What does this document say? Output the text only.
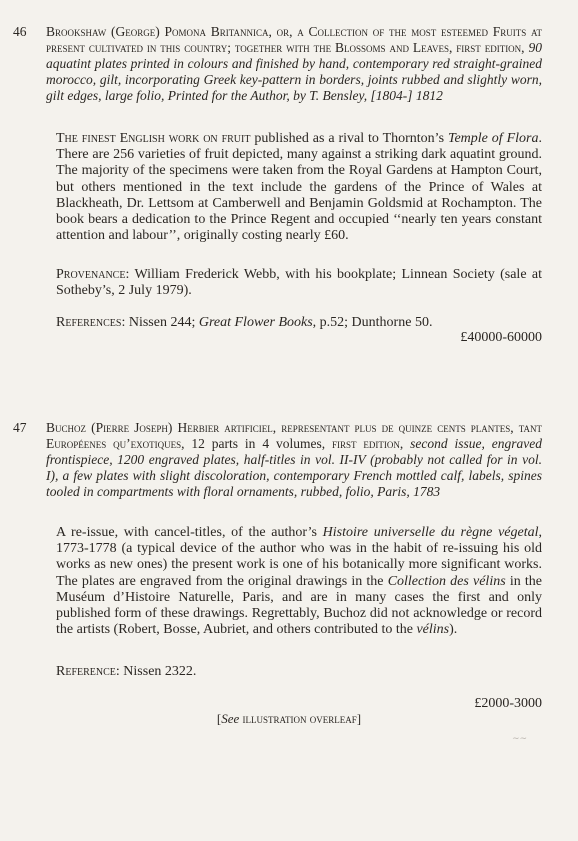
46 Brookshaw (George) Pomona Britannica, or, a Collection of the most esteemed Fruits at present cultivated in this country; together with the Blossoms and Leaves, first edition, 90 aquatint plates printed in colours and finished by hand, contemporary red straight-grained morocco, gilt, incorporating Greek key-pattern in borders, joints rubbed and slightly worn, gilt edges, large folio, Printed for the Author, by T. Bensley, [1804-] 1812
The finest English work on fruit published as a rival to Thornton’s Temple of Flora. There are 256 varieties of fruit depicted, many against a striking dark aquatint ground. The majority of the specimens were taken from the Royal Gardens at Hampton Court, but others mentioned in the text include the gardens of the Prince of Wales at Blackheath, Dr. Lettsom at Camberwell and Benjamin Goldsmid at Rochampton. The book bears a dedication to the Prince Regent and occupied ‘‘nearly ten years constant attention and labour’’, originally costing nearly £60.
Provenance: William Frederick Webb, with his bookplate; Linnean Society (sale at Sotheby’s, 2 July 1979).
References: Nissen 244; Great Flower Books, p.52; Dunthorne 50.
£40000-60000
47 Buchoz (Pierre Joseph) Herbier artificiel, representant plus de quinze cents plantes, tant Européenes qu’exotiques, 12 parts in 4 volumes, first edition, second issue, engraved frontispiece, 1200 engraved plates, half-titles in vol. II-IV (probably not called for in vol. I), a few plates with slight discoloration, contemporary French mottled calf, labels, spines tooled in compartments with floral ornaments, rubbed, folio, Paris, 1783
A re-issue, with cancel-titles, of the author’s Histoire universelle du règne végetal, 1773-1778 (a typical device of the author who was in the habit of re-issuing his old works as new ones) the present work is one of his botanically more significant works. The plates are engraved from the original drawings in the Collection des vélins in the Muséum d’Histoire Naturelle, Paris, and are in many cases the first and only published form of these drawings. Regrettably, Buchoz did not acknowledge or record the artists (Robert, Bosse, Aubriet, and others contributed to the vélins).
Reference: Nissen 2322.
£2000-3000
∼∼
[See illustration overleaf]
